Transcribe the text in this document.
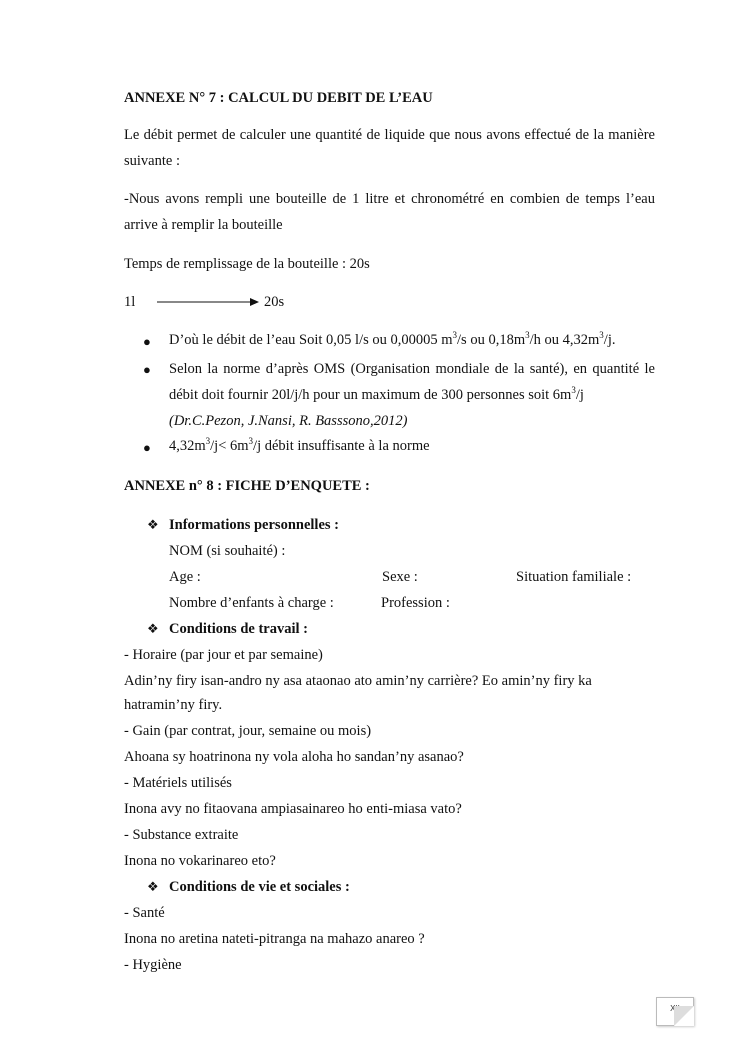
ANNEXE N° 7 : CALCUL DU DEBIT DE L’EAU
Le débit permet de calculer une quantité de liquide que nous avons effectué de la manière suivante :
-Nous avons rempli une bouteille de 1 litre et chronométré en combien de temps l’eau arrive à remplir la bouteille
Temps de remplissage de la bouteille : 20s
1l	20s
● D’où le débit de l’eau Soit 0,05 l/s ou 0,00005 $m^3/s$ ou $0,18m^3/h$ ou $4,32m^3/j$.
● Selon la norme d’après OMS (Organisation mondiale de la santé), en quantité le débit doit fournir 20l/j/h pour un maximum de 300 personnes soit $6m^3/j$
(Dr.C.Pezon, J.Nansi, R. Basssono,2012)
● $4,32m^3/j< 6m^3/j$ débit insuffisante à la norme
ANNEXE n° 8 : FICHE D’ENQUETE :
❖ Informations personnelles :
NOM (si souhaité) :
Age :	Sexe :	Situation familiale :
Nombre d’enfants à charge :	Profession :
❖ Conditions de travail :
- Horaire (par jour et par semaine)
Adin’ny firy isan-andro ny asa ataonao ato amin’ny carrière? Eo amin’ny firy ka
hatramin’ny firy.
- Gain (par contrat, jour, semaine ou mois)
Ahoana sy hoatrinona ny vola aloha ho sandan’ny asanao?
- Matériels utilisés
Inona avy no fitaovana ampiasainareo ho enti-miasa vato?
- Substance extraite
Inona no vokarinareo eto?
❖ Conditions de vie et sociales :
- Santé
Inona no aretina nateti-pitranga na mahazo anareo ?
- Hygiène
XII
